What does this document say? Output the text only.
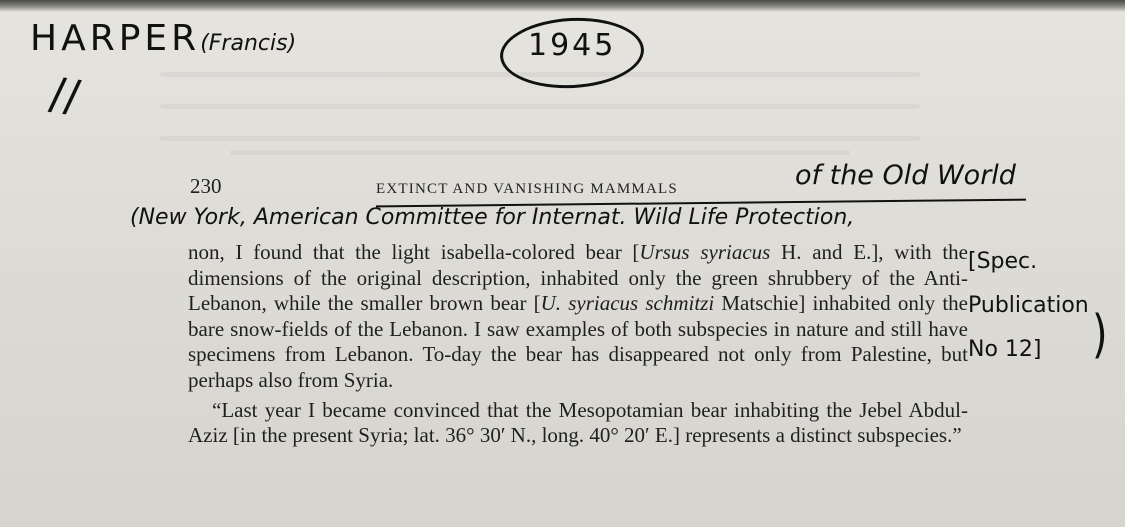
HARPER(Francis)	1945
//
230	EXTINCT AND VANISHING MAMMALS	of the Old World
(New York, American Committee for Internat. Wild Life Protection,
[Spec.
Publication
No 12]	)

non, I found that the light isabella-colored bear [Ursus syriacus H. and E.], with the dimensions of the original description, inhabited only the green shrubbery of the Anti-Lebanon, while the smaller brown bear [U. syriacus schmitzi Matschie] inhabited only the bare snow-fields of the Lebanon. I saw examples of both subspecies in nature and still have specimens from Lebanon. To-day the bear has disappeared not only from Palestine, but perhaps also from Syria.

“Last year I became convinced that the Mesopotamian bear inhabiting the Jebel Abdul-Aziz [in the present Syria; lat. 36° 30′ N., long. 40° 20′ E.] represents a distinct subspecies.”
